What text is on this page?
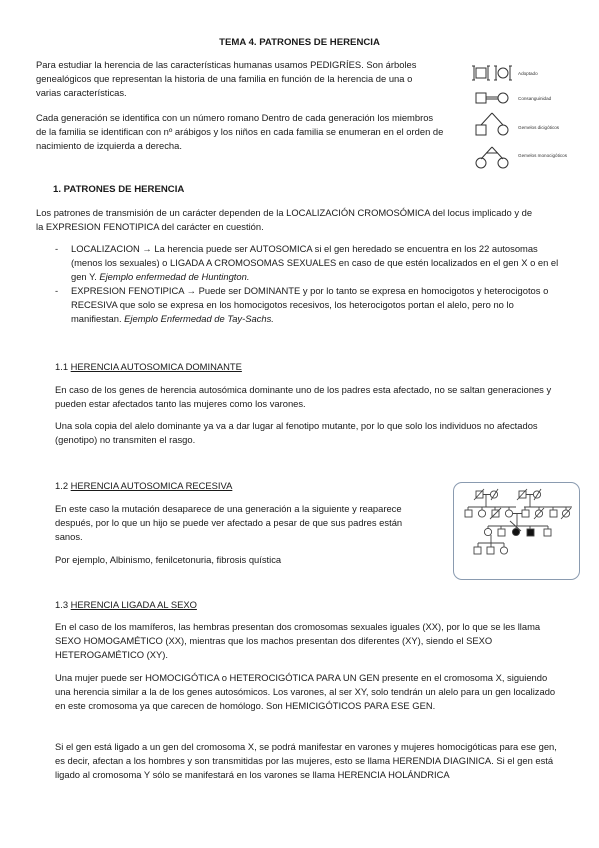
TEMA 4. PATRONES DE HERENCIA

Para estudiar la herencia de las características humanas usamos PEDIGRÍES. Son árboles genealógicos que representan la historia de una familia en función de la herencia de una o varias características.

Cada generación se identifica con un número romano Dentro de cada generación los miembros de la familia se identifican con nº arábigos y los niños en cada familia se enumeran en el orden de nacimiento de izquierda a derecha.

Adoptado
Consanguinidad
Gemelos dicigóticos
Gemelos monocigóticos
1. PATRONES DE HERENCIA

Los patrones de transmisión de un carácter dependen de la LOCALIZACIÓN CROMOSÓMICA del locus implicado y de la EXPRESION FENOTIPICA del carácter en cuestión.

-	LOCALIZACION → La herencia puede ser AUTOSOMICA si el gen heredado se encuentra en los 22 autosomas (menos los sexuales) o LIGADA A CROMOSOMAS SEXUALES en caso de que estén localizados en el gen X o en el gen Y. Ejemplo enfermedad de Huntington.
-	EXPRESION FENOTIPICA → Puede ser DOMINANTE y por lo tanto se expresa en homocigotos y heterocigotos o RECESIVA que solo se expresa en los homocigotos recesivos, los heterocigotos portan el alelo, pero no lo manifiestan. Ejemplo Enfermedad de Tay-Sachs.
1.1 HERENCIA AUTOSOMICA DOMINANTE

En caso de los genes de herencia autosómica dominante uno de los padres esta afectado, no se saltan generaciones y pueden estar afectados tanto las mujeres como los varones.

Una sola copia del alelo dominante ya va a dar lugar al fenotipo mutante, por lo que solo los individuos no afectados (genotipo) no transmiten el rasgo.

1.2 HERENCIA AUTOSOMICA RECESIVA

En este caso la mutación desaparece de una generación a la siguiente y reaparece después, por lo que un hijo se puede ver afectado a pesar de que sus padres están sanos.

Por ejemplo, Albinismo, fenilcetonuria, fibrosis quística

1.3 HERENCIA LIGADA AL SEXO

En el caso de los mamíferos, las hembras presentan dos cromosomas sexuales iguales (XX), por lo que se les llama SEXO HOMOGAMÉTICO (XX), mientras que los machos presentan dos diferentes (XY), siendo el SEXO HETEROGAMÉTICO (XY).

Una mujer puede ser HOMOCIGÓTICA o HETEROCIGÓTICA PARA UN GEN presente en el cromosoma X, siguiendo una herencia similar a la de los genes autosómicos. Los varones, al ser XY, solo tendrán un alelo para un gen localizado en este cromosoma ya que carecen de homólogo. Son HEMICIGÓTICOS PARA ESE GEN.

Si el gen está ligado a un gen del cromosoma X, se podrá manifestar en varones y mujeres homocigóticas para ese gen, es decir, afectan a los hombres y son transmitidas por las mujeres, esto se llama HERENDIA DIAGINICA. Si el gen está ligado al cromosoma Y sólo se manifestará en los varones se llama HERENCIA HOLÁNDRICA
